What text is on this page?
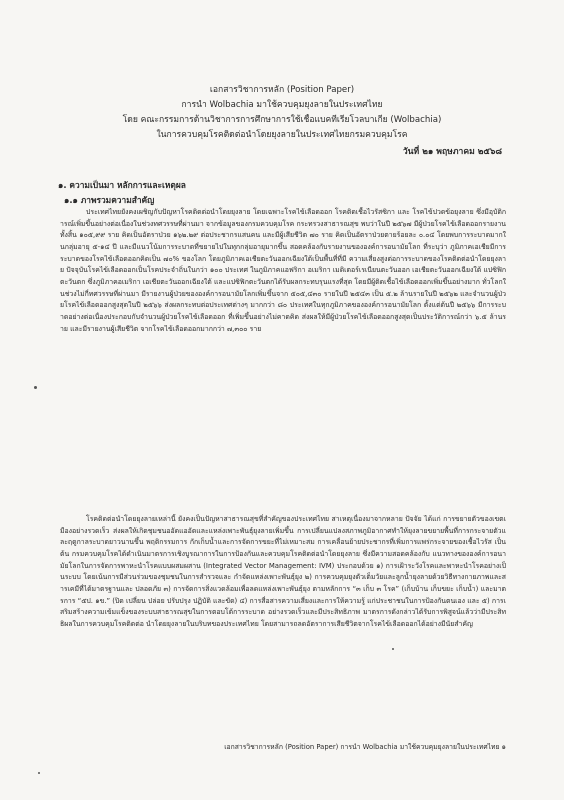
เอกสารวิชาการหลัก (Position Paper)
การนำ Wolbachia มาใช้ควบคุมยุงลายในประเทศไทย
โดย คณะกรรมการด้านวิชาการการศึกษาการใช้เชื้อแบคทีเรียโวลบาเกีย (Wolbachia)
ในการควบคุมโรคติดต่อนำโดยยุงลายในประเทศไทยกรมควบคุมโรค
วันที่ ๒๑ พฤษภาคม ๒๕๖๘
๑. ความเป็นมา หลักการและเหตุผล
๑.๑ ภาพรวมความสำคัญ
ประเทศไทยยังคงเผชิญกับปัญหาโรคติดต่อนำโดยยุงลาย โดยเฉพาะโรคไข้เลือดออก โรคติดเชื้อไวรัสซิกา และ โรคไข้ปวดข้อยุงลาย ซึ่งมีอุบัติการณ์เพิ่มขึ้นอย่างต่อเนื่องในช่วงทศวรรษที่ผ่านมา จากข้อมูลของกรมควบคุมโรค กระทรวงสาธารณสุข พบว่าในปี ๒๕๖๗ มีผู้ป่วยโรคไข้เลือดออกรายงานทั้งสิ้น ๑๐๕,๙๙ ราย คิดเป็นอัตราป่วย ๑๖๒.๒๙ ต่อประชากรแสนคน และมีผู้เสียชีวิต ๗๐ ราย คิดเป็นอัตราป่วยตายร้อยละ ๐.๐๔ โดยพบการระบาดมากในกลุ่มอายุ ๕-๑๔ ปี และมีแนวโน้มการระบาดที่ขยายไปในทุกกลุ่มอายุมากขึ้น สอดคล้องกับรายงานขององค์การอนามัยโลก ที่ระบุว่า ภูมิภาคเอเชียมีการระบาดของโรคไข้เลือดออกคิดเป็น ๗๐% ของโลก โดยภูมิภาคเอเชียตะวันออกเฉียงใต้เป็นพื้นที่ที่มี ความเสี่ยงสูงต่อการระบาดของโรคติดต่อนำโดยยุงลาย ปัจจุบันโรคไข้เลือดออกเป็นโรคประจำถิ่นในกว่า ๑๐๐ ประเทศ ในภูมิภาคแอฟริกา อเมริกา เมดิเตอร์เรเนียนตะวันออก เอเชียตะวันออกเฉียงใต้ แปซิฟิกตะวันตก ซึ่งภูมิภาคอเมริกา เอเชียตะวันออกเฉียงใต้ และแปซิฟิกตะวันตกได้รับผลกระทบรุนแรงที่สุด โดยมีผู้ติดเชื้อไข้เลือดออกเพิ่มขึ้นอย่างมาก ทั่วโลกในช่วงไม่กี่ทศวรรษที่ผ่านมา มีรายงานผู้ป่วยขององค์การอนามัยโลกเพิ่มขึ้นจาก ๕๐๕,๔๓๐ รายในปี ๒๕๔๓ เป็น ๕.๒ ล้านรายในปี ๒๕๖๒ และจำนวนผู้ป่วยโรคไข้เลือดออกสูงสุดในปี ๒๕๖๖ ส่งผลกระทบต่อประเทศต่างๆ มากกว่า ๘๐ ประเทศในทุกภูมิภาคขององค์การอนามัยโลก ตั้งแต่ต้นปี ๒๕๖๖ มีการระบาดอย่างต่อเนื่องประกอบกับจำนวนผู้ป่วยโรคไข้เลือดออก ที่เพิ่มขึ้นอย่างไม่คาดคิด ส่งผลให้มีผู้ป่วยโรคไข้เลือดออกสูงสุดเป็นประวัติการณ์กว่า ๖.๕ ล้านราย และมีรายงานผู้เสียชีวิต จากโรคไข้เลือดออกมากกว่า ๗,๓๐๐ ราย
โรคติดต่อนำโดยยุงลายเหล่านี้ ยังคงเป็นปัญหาสาธารณสุขที่สำคัญของประเทศไทย สาเหตุเนื่องมาจากหลาย ปัจจัย ได้แก่ การขยายตัวของเขตเมืองอย่างรวดเร็ว ส่งผลให้เกิดชุมชนออัดแออัดและแหล่งเพาะพันธุ์ยุงลายเพิ่มขึ้น การเปลี่ยนแปลงสภาพภูมิอากาศทำให้ยุงลายขยายพื้นที่การกระจายตัวและฤดูกาลระบาดยาวนานขึ้น พฤติกรรมการ กักเก็บน้ำและการจัดการขยะที่ไม่เหมาะสม การเคลื่อนย้ายประชากรที่เพิ่มการแพร่กระจายของเชื้อไวรัส เป็นต้น กรมควบคุมโรคได้ดำเนินมาตรการเชิงบูรณาการในการป้องกันและควบคุมโรคติดต่อนำโดยยุงลาย ซึ่งมีความสอดคล้องกับ แนวทางขององค์การอนามัยโลกในการจัดการพาหะนำโรคแบบผสมผสาน (Integrated Vector Management: IVM) ประกอบด้วย ๑) การเฝ้าระวังโรคและพาหะนำโรคอย่างเป็นระบบ โดยเน้นการมีส่วนร่วมของชุมชนในการสำรวจและ กำจัดแหล่งเพาะพันธุ์ยุง ๒) การควบคุมยุงตัวเต็มวัยและลูกน้ำยุงลายด้วยวิธีทางกายภาพและสารเคมีที่ได้มาตรฐานและ ปลอดภัย ๓) การจัดการสิ่งแวดล้อมเพื่อลดแหล่งเพาะพันธุ์ยุง ตามหลักการ “๓ เก็บ ๓ โรค” (เก็บบ้าน เก็บขยะ เก็บน้ำ) และมาตรการ “๕ป. ๑ข.” (ปิด เปลี่ยน ปล่อย ปรับปรุง ปฏิบัติ และขัด) ๔) การสื่อสารความเสี่ยงและการให้ความรู้ แก่ประชาชนในการป้องกันตนเอง และ ๕) การเสริมสร้างความเข้มแข็งของระบบสาธารณสุขในการตอบโต้การระบาด อย่างรวดเร็วและมีประสิทธิภาพ มาตรการดังกล่าวได้รับการพิสูจน์แล้วว่ามีประสิทธิผลในการควบคุมโรคติดต่อ นำโดยยุงลายในบริบทของประเทศไทย โดยสามารถลดอัตราการเสียชีวิตจากโรคไข้เลือดออกได้อย่างมีนัยสำคัญ
เอกสารวิชาการหลัก (Position Paper) การนำ Wolbachia มาใช้ควบคุมยุงลายในประเทศไทย ๑
